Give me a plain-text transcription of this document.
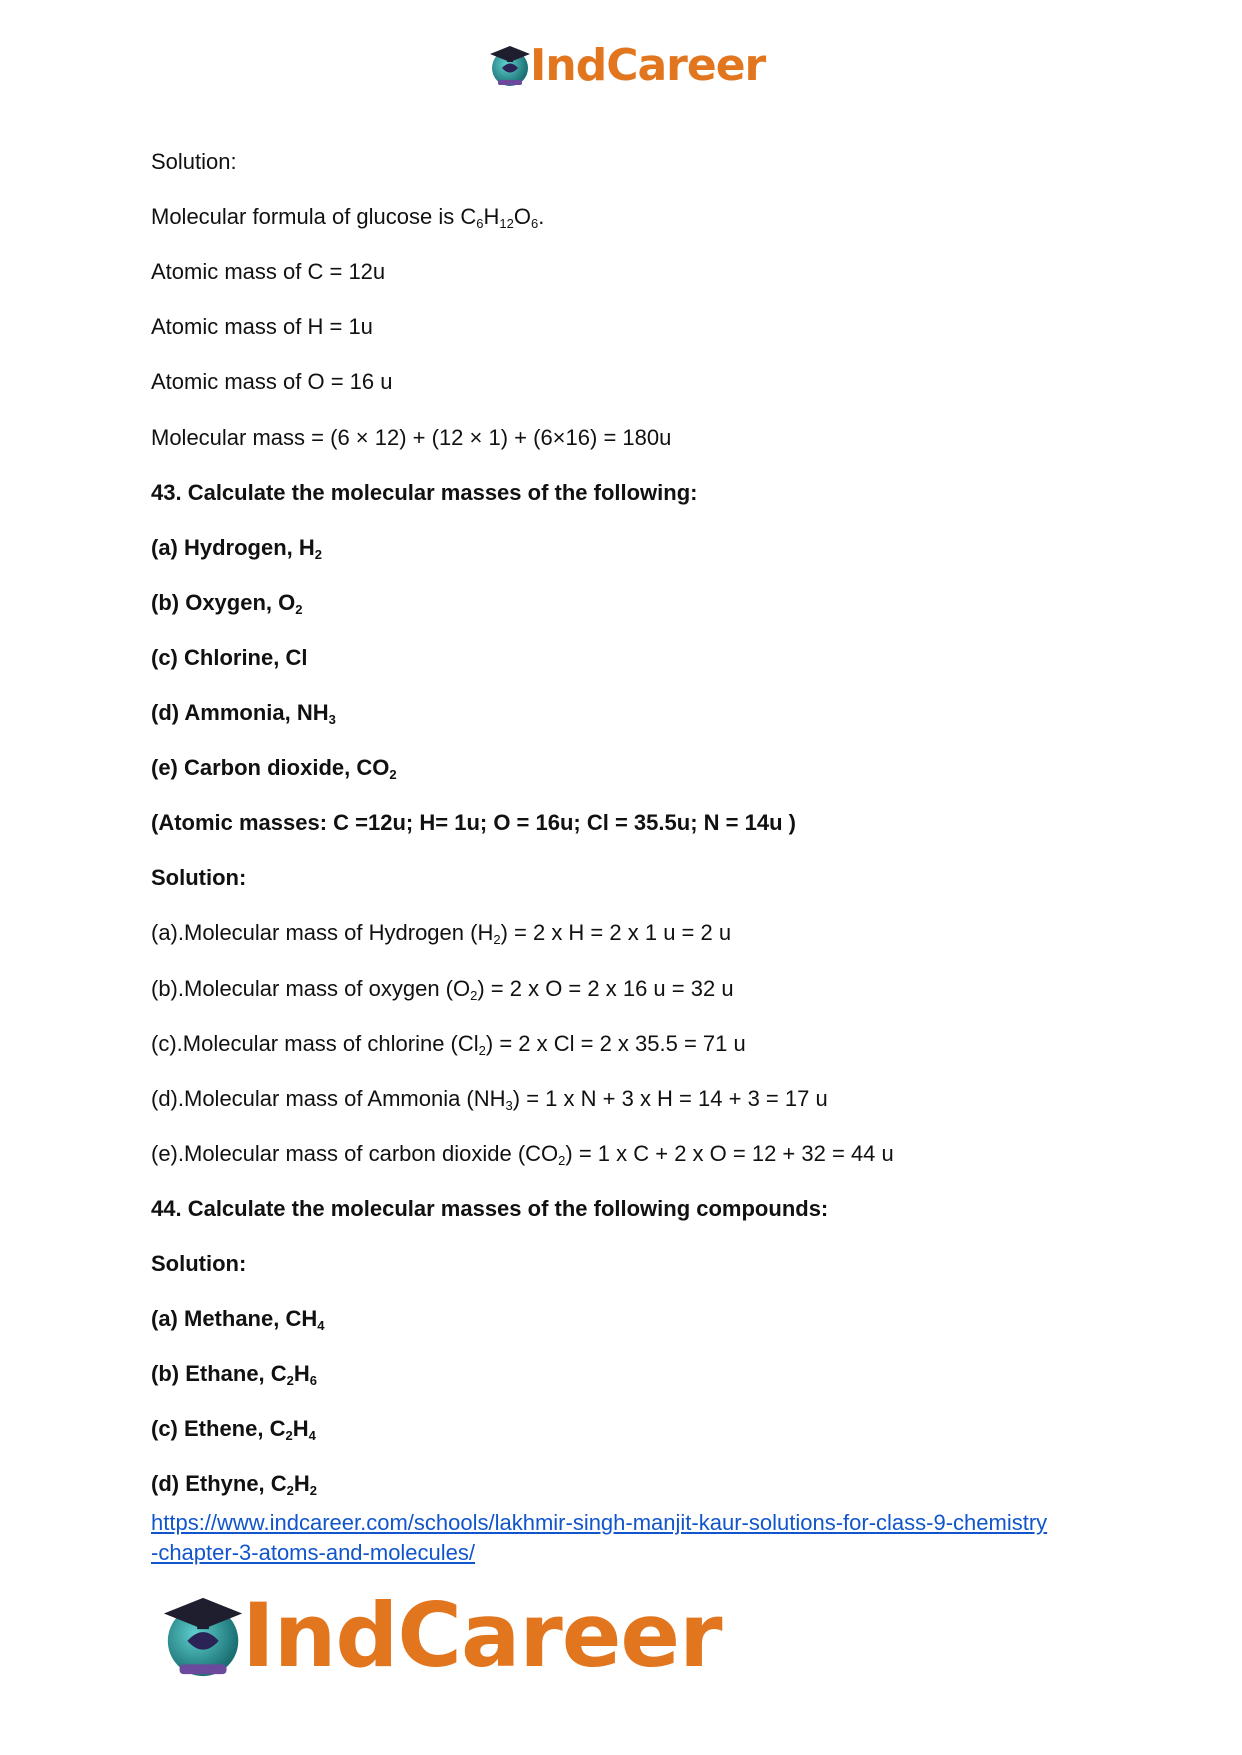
IndCareer
Solution:
Molecular formula of glucose is $C_6H_{12}O_6$.
Atomic mass of C = 12u
Atomic mass of H = 1u
Atomic mass of O = 16 u
Molecular mass = (6 × 12) + (12 × 1) + (6×16) = 180u
43. Calculate the molecular masses of the following:
(a) Hydrogen, $H_2$
(b) Oxygen, $O_2$
(c) Chlorine, Cl
(d) Ammonia, $NH_3$
(e) Carbon dioxide, $CO_2$
(Atomic masses: C =12u; H= 1u; O = 16u; Cl = 35.5u; N = 14u )
Solution:
(a).Molecular mass of Hydrogen $(H_2) = 2$ x H = 2 x 1 u = 2 u
(b).Molecular mass of oxygen $(O_2) = 2$ x O = 2 x 16 u = 32 u
(c).Molecular mass of chlorine $(Cl_2) = 2$ x Cl = 2 x 35.5 = 71 u
(d).Molecular mass of Ammonia $(NH_3) = 1$ x N + 3 x H = 14 + 3 = 17 u
(e).Molecular mass of carbon dioxide $(CO_2) = 1$ x C + 2 x O = 12 + 32 = 44 u
44. Calculate the molecular masses of the following compounds:
Solution:
(a) Methane, $CH_4$
(b) Ethane, $C_2H_6$
(c) Ethene, $C_2H_4$
(d) Ethyne, $C_2H_2$
https://www.indcareer.com/schools/lakhmir-singh-manjit-kaur-solutions-for-class-9-chemistry
-chapter-3-atoms-and-molecules/
IndCareer
